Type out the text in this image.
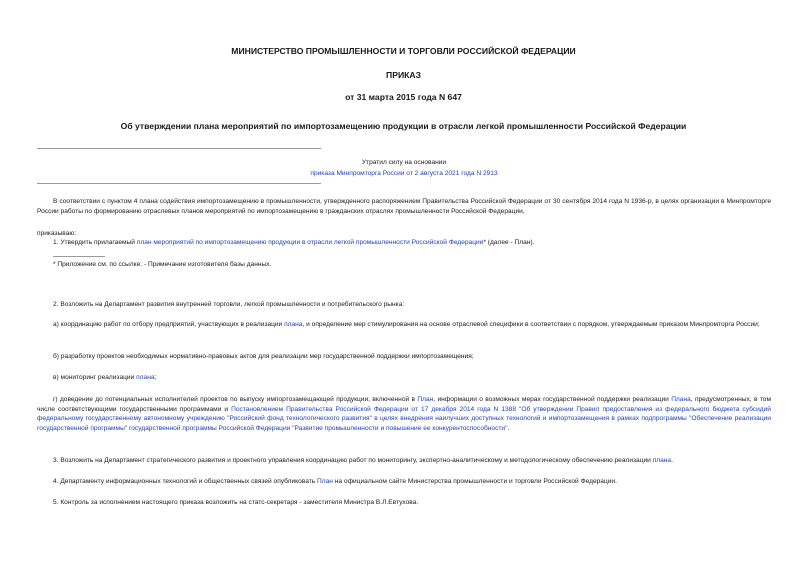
МИНИСТЕРСТВО ПРОМЫШЛЕННОСТИ И ТОРГОВЛИ РОССИЙСКОЙ ФЕДЕРАЦИИ
ПРИКАЗ
от 31 марта 2015 года N 647
Об утверждении плана мероприятий по импортозамещению продукции в отрасли легкой промышленности Российской Федерации
Утратил силу на основании
приказа Минпромторга России от 2 августа 2021 года N 2913
В соответствии с пунктом 4 плана содействия импортозамещению в промышленности, утвержденного распоряжением Правительства Российской Федерации от 30 сентября 2014 года N 1936-р, в целях организации в Минпромторге России работы по формированию отраслевых планов мероприятий по импортозамещению в гражданских отраслях промышленности Российской Федерации,
приказываю:
1. Утвердить прилагаемый план мероприятий по импортозамещению продукции в отрасли легкой промышленности Российской Федерации* (далее - План).
* Приложение см. по ссылке. - Примечание изготовителя базы данных.
2. Возложить на Департамент развития внутренней торговли, легкой промышленности и потребительского рынка:
а) координацию работ по отбору предприятий, участвующих в реализации плана, и определение мер стимулирования на основе отраслевой специфики в соответствии с порядком, утверждаемым приказом Минпромторга России;
б) разработку проектов необходимых нормативно-правовых актов для реализации мер государственной поддержки импортозамещения;
в) мониторинг реализации плана;
г) доведение до потенциальных исполнителей проектов по выпуску импортозамещающей продукции, включенной в План, информации о возможных мерах государственной поддержки реализации Плана, предусмотренных, в том числе соответствующими государственными программами и Постановлением Правительства Российской Федерации от 17 декабря 2014 года N 1388 "Об утверждении Правил предоставления из федерального бюджета субсидий федеральному государственному автономному учреждению "Российский фонд технологического развития" в целях внедрения наилучших доступных технологий и импортозамещения в рамках подпрограммы "Обеспечение реализации государственной программы" государственной программы Российской Федерации "Развитие промышленности и повышение ее конкурентоспособности".
3. Возложить на Департамент стратегического развития и проектного управления координацию работ по мониторингу, экспертно-аналитическому и методологическому обеспечению реализации плана.
4. Департаменту информационных технологий и общественных связей опубликовать План на официальном сайте Министерства промышленности и торговли Российской Федерации.
5. Контроль за исполнением настоящего приказа возложить на статс-секретаря - заместителя Министра В.Л.Евтухова.
